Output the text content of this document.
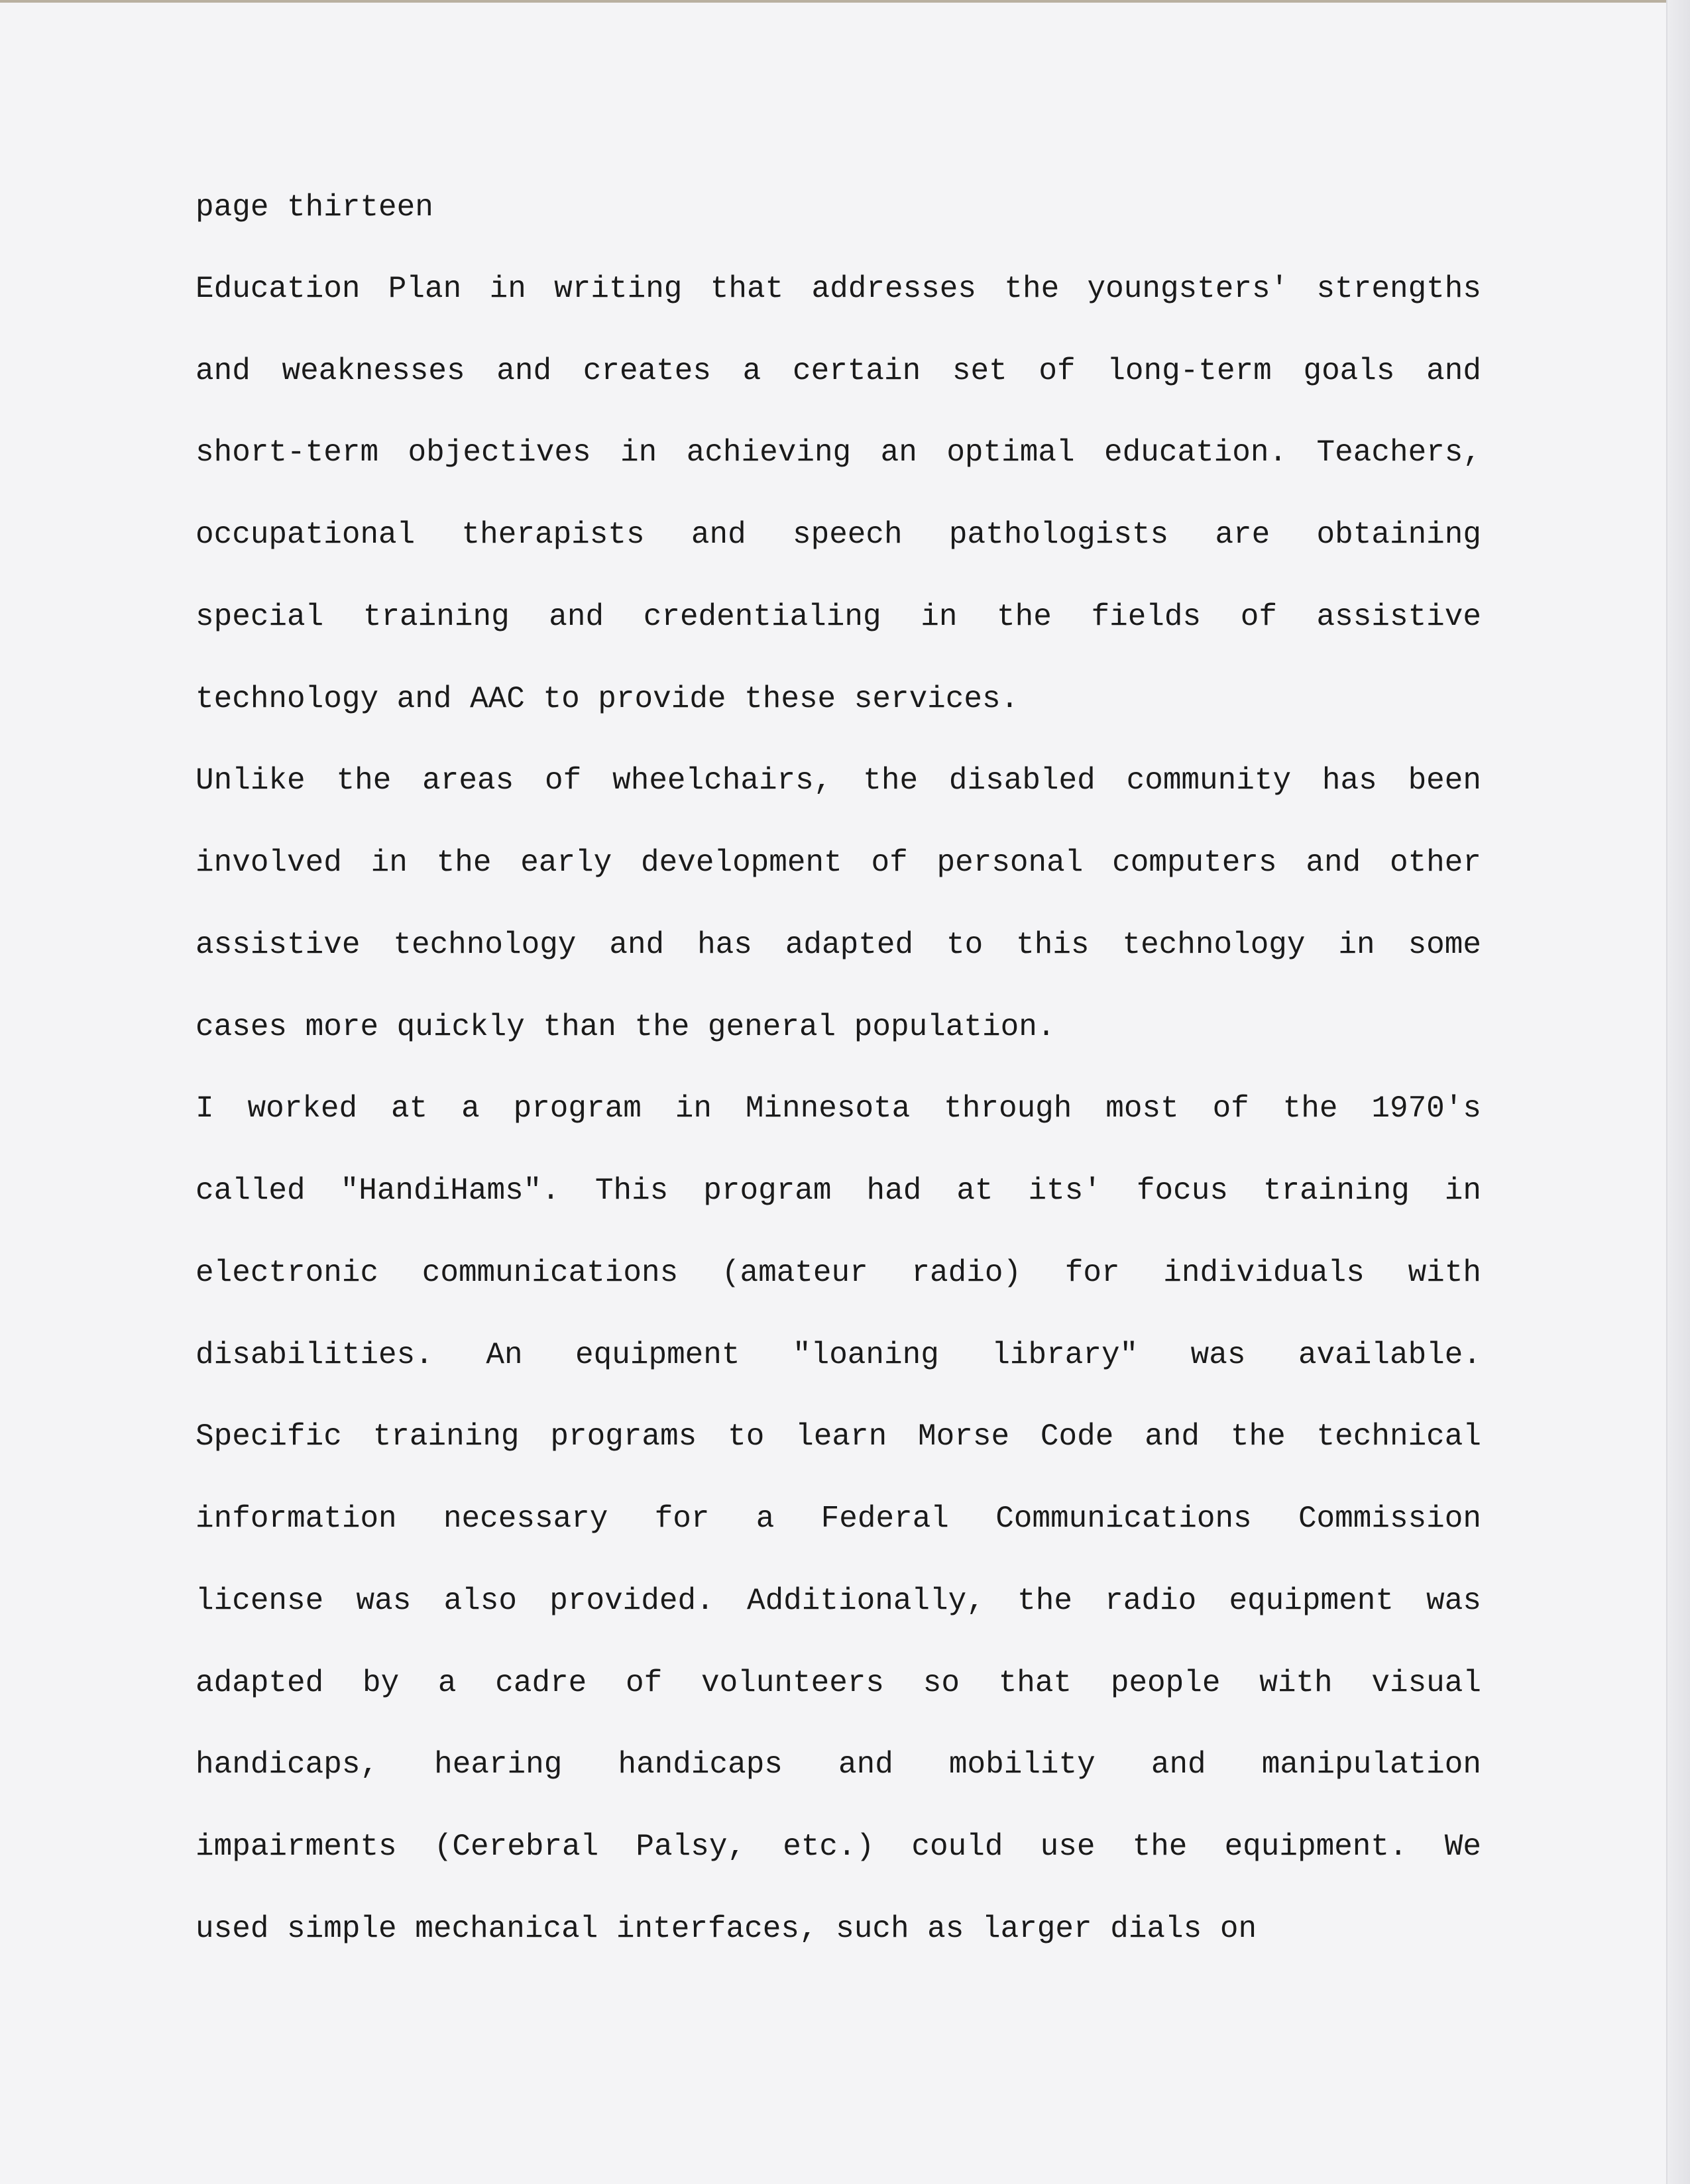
page thirteen
Education Plan in writing that addresses the youngsters' strengths
and weaknesses and creates a certain set of long-term goals and
short-term objectives in achieving an optimal education. Teachers,
occupational therapists and speech pathologists are obtaining
special training and credentialing in the fields of assistive
technology and AAC to provide these services.
Unlike the areas of wheelchairs, the disabled community has been
involved in the early development of personal computers and other
assistive technology and has adapted to this technology in some
cases more quickly than the general population.
I worked at a program in Minnesota through most of the 1970's
called "HandiHams". This program had at its' focus training in
electronic communications (amateur radio) for individuals with
disabilities. An equipment "loaning library" was available.
Specific training programs to learn Morse Code and the technical
information necessary for a Federal Communications Commission
license was also provided. Additionally, the radio equipment was
adapted by a cadre of volunteers so that people with visual
handicaps, hearing handicaps and mobility and manipulation
impairments (Cerebral Palsy, etc.) could use the equipment. We
used simple mechanical interfaces, such as larger dials on
